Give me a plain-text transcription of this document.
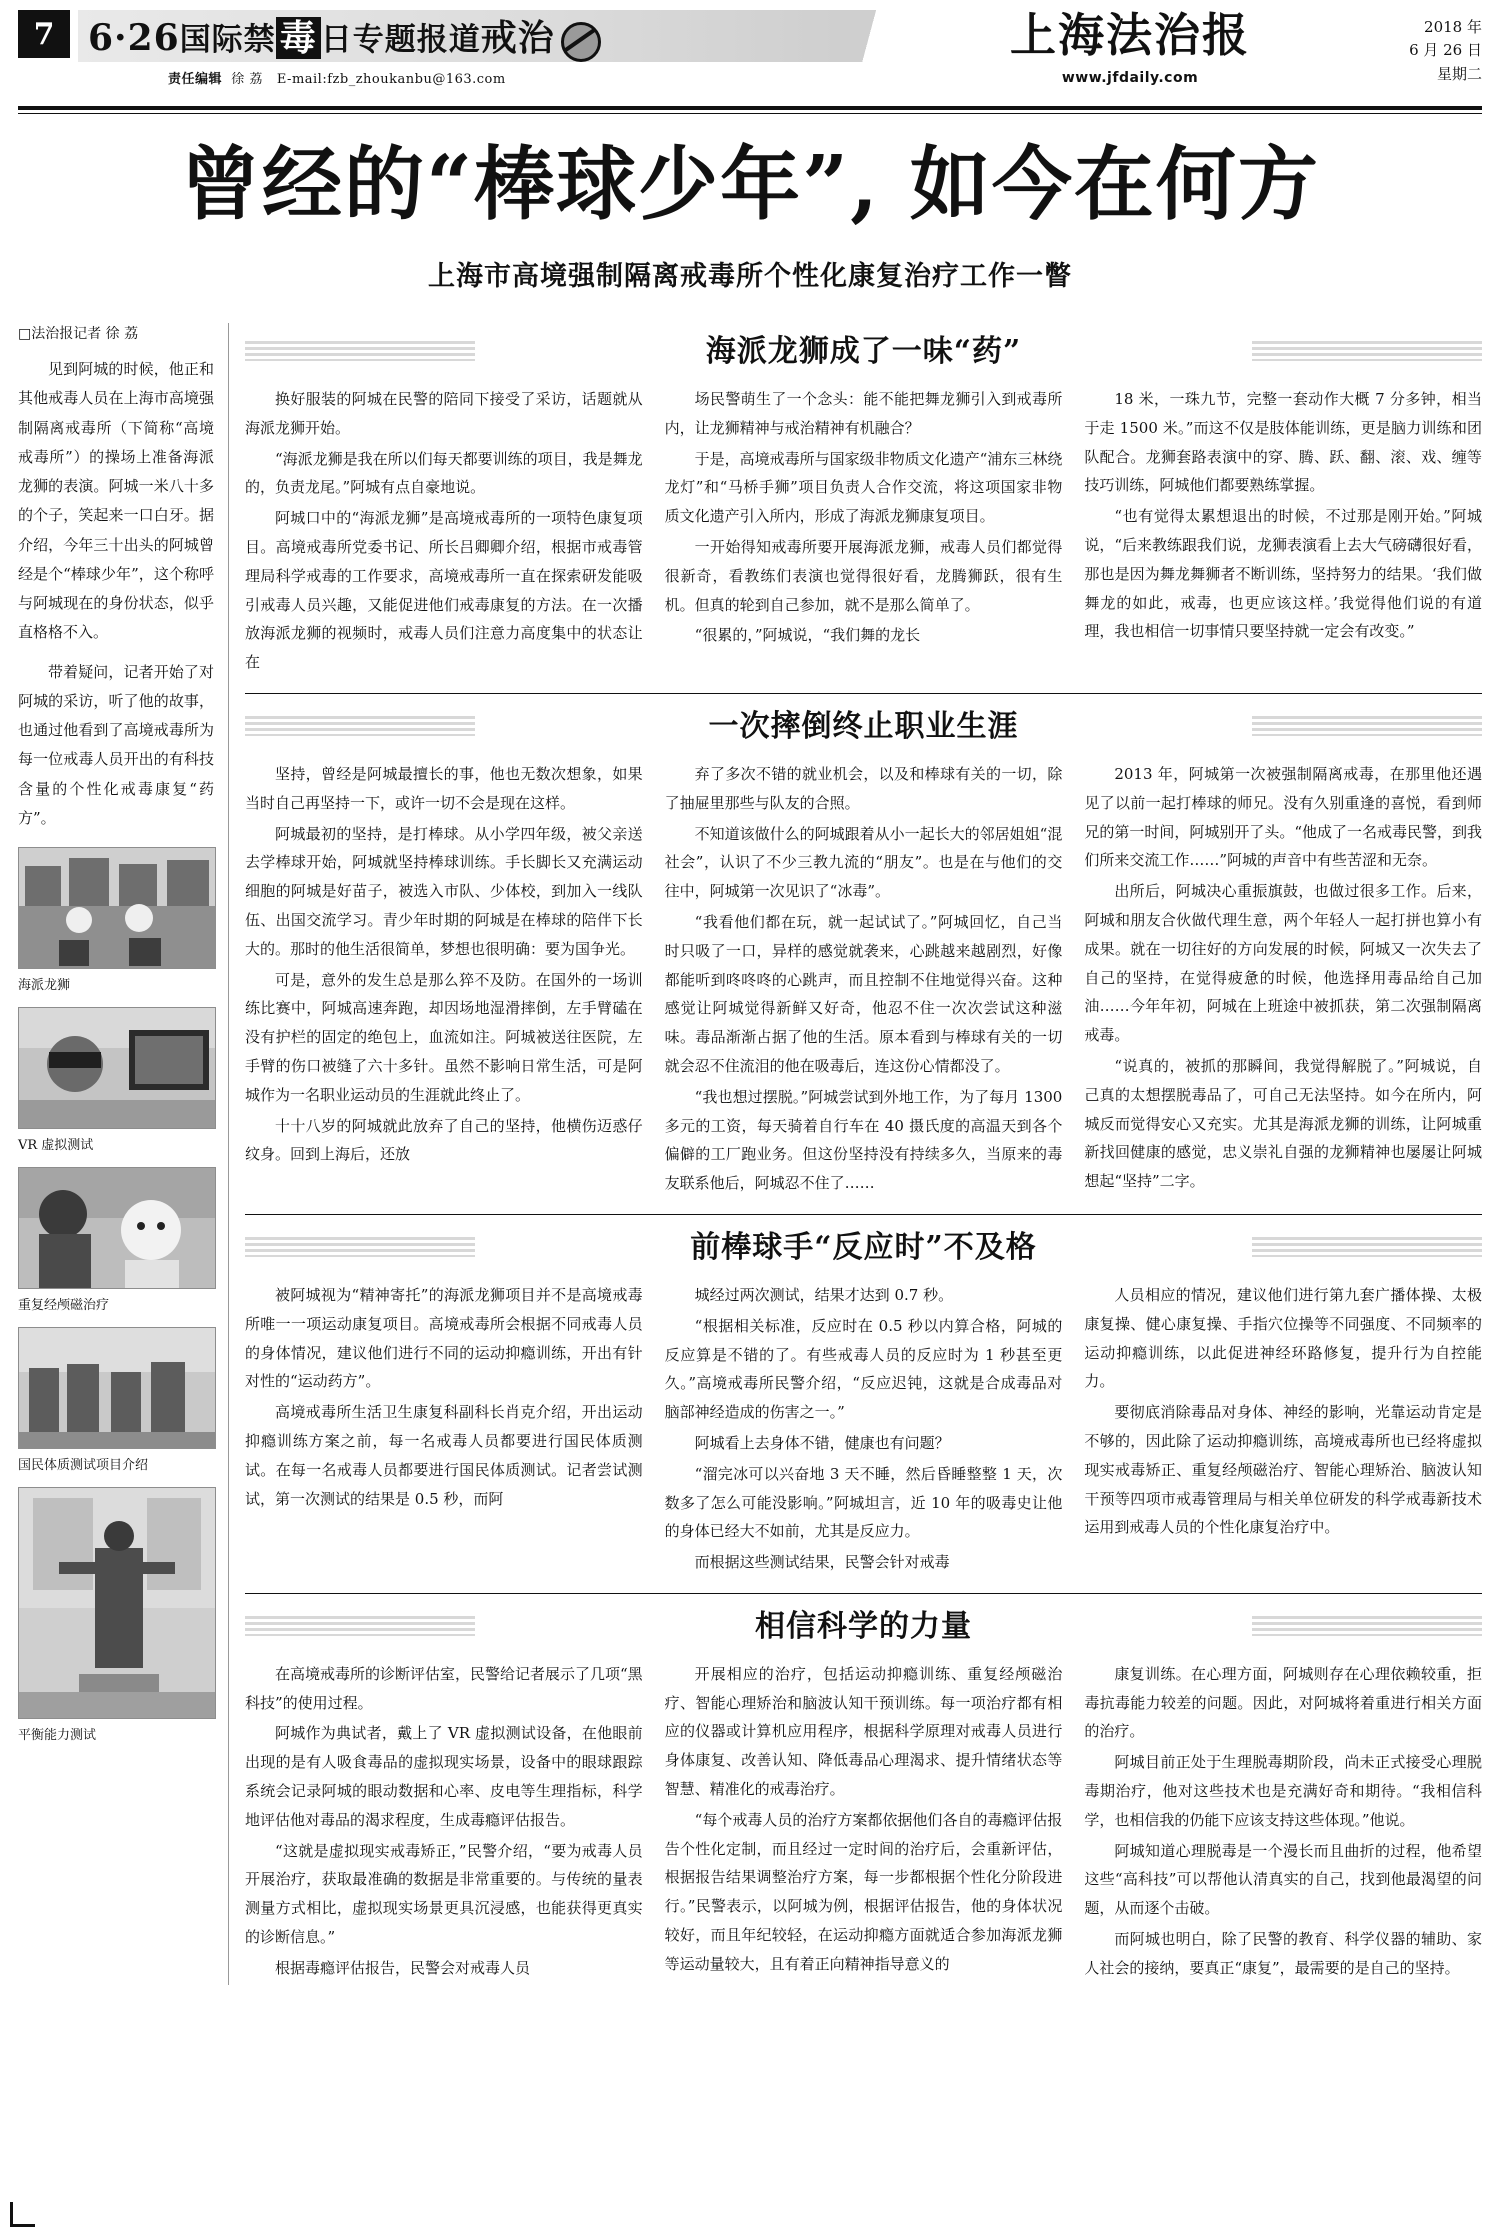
7 6·26国际禁 毒 日专题报道戒治
责任编辑 徐 荔 E-mail:fzb_zhoukanbu@163.com
上海法治报
www.jfdaily.com
2018 年
6 月 26 日
星期二
曾经的“棒球少年”, 如今在何方
上海市高境强制隔离戒毒所个性化康复治疗工作一瞥
□法治报记者 徐 荔

见到阿城的时候，他正和其他戒毒人员在上海市高境强制隔离戒毒所（下简称“高境戒毒所”）的操场上准备海派龙狮的表演。阿城一米八十多的个子，笑起来一口白牙。据介绍，今年三十出头的阿城曾经是个“棒球少年”，这个称呼与阿城现在的身份状态，似乎直格格不入。

带着疑问，记者开始了对阿城的采访，听了他的故事，也通过他看到了高境戒毒所为每一位戒毒人员开出的有科技含量的个性化戒毒康复“药方”。

海派龙狮
VR 虚拟测试
重复经颅磁治疗
国民体质测试项目介绍
平衡能力测试
海派龙狮成了一味“药”

换好服装的阿城在民警的陪同下接受了采访，话题就从海派龙狮开始。

“海派龙狮是我在所以们每天都要训练的项目，我是舞龙的，负责龙尾。”阿城有点自豪地说。

阿城口中的“海派龙狮”是高境戒毒所的一项特色康复项目。高境戒毒所党委书记、所长吕卿卿介绍，根据市戒毒管理局科学戒毒的工作要求，高境戒毒所一直在探索研发能吸引戒毒人员兴趣，又能促进他们戒毒康复的方法。在一次播放海派龙狮的视频时，戒毒人员们注意力高度集中的状态让在

场民警萌生了一个念头：能不能把舞龙狮引入到戒毒所内，让龙狮精神与戒治精神有机融合？

于是，高境戒毒所与国家级非物质文化遗产“浦东三林绕龙灯”和“马桥手狮”项目负责人合作交流，将这项国家非物质文化遗产引入所内，形成了海派龙狮康复项目。

一开始得知戒毒所要开展海派龙狮，戒毒人员们都觉得很新奇，看教练们表演也觉得很好看，龙腾狮跃，很有生机。但真的轮到自己参加，就不是那么简单了。

“很累的，”阿城说，“我们舞的龙长

18 米，一珠九节，完整一套动作大概 7 分多钟，相当于走 1500 米。”而这不仅是肢体能训练，更是脑力训练和团队配合。龙狮套路表演中的穿、腾、跃、翻、滚、戏、缠等技巧训练，阿城他们都要熟练掌握。

“也有觉得太累想退出的时候，不过那是刚开始。”阿城说，“后来教练跟我们说，龙狮表演看上去大气磅礴很好看，那也是因为舞龙舞狮者不断训练，坚持努力的结果。‘我们做舞龙的如此，戒毒，也更应该这样。’我觉得他们说的有道理，我也相信一切事情只要坚持就一定会有改变。”

一次摔倒终止职业生涯

坚持，曾经是阿城最擅长的事，他也无数次想象，如果当时自己再坚持一下，或许一切不会是现在这样。

阿城最初的坚持，是打棒球。从小学四年级，被父亲送去学棒球开始，阿城就坚持棒球训练。手长脚长又充满运动细胞的阿城是好苗子，被选入市队、少体校，到加入一线队伍、出国交流学习。青少年时期的阿城是在棒球的陪伴下长大的。那时的他生活很简单，梦想也很明确：要为国争光。

可是，意外的发生总是那么猝不及防。在国外的一场训练比赛中，阿城高速奔跑，却因场地湿滑摔倒，左手臂磕在没有护栏的固定的绝包上，血流如注。阿城被送往医院，左手臂的伤口被缝了六十多针。虽然不影响日常生活，可是阿城作为一名职业运动员的生涯就此终止了。

十十八岁的阿城就此放弃了自己的坚持，他横伤迈惑仔纹身。回到上海后，还放

弃了多次不错的就业机会，以及和棒球有关的一切，除了抽屉里那些与队友的合照。

不知道该做什么的阿城跟着从小一起长大的邻居姐姐“混社会”，认识了不少三教九流的“朋友”。也是在与他们的交往中，阿城第一次见识了“冰毒”。

“我看他们都在玩，就一起试试了。”阿城回忆，自己当时只吸了一口，异样的感觉就袭来，心跳越来越剧烈，好像都能听到咚咚咚的心跳声，而且控制不住地觉得兴奋。这种感觉让阿城觉得新鲜又好奇，他忍不住一次次尝试这种滋味。毒品渐渐占据了他的生活。原本看到与棒球有关的一切就会忍不住流泪的他在吸毒后，连这份心情都没了。

“我也想过摆脱。”阿城尝试到外地工作，为了每月 1300 多元的工资，每天骑着自行车在 40 摄氏度的高温天到各个偏僻的工厂跑业务。但这份坚持没有持续多久，当原来的毒友联系他后，阿城忍不住了……

2013 年，阿城第一次被强制隔离戒毒，在那里他还遇见了以前一起打棒球的师兄。没有久别重逢的喜悦，看到师兄的第一时间，阿城别开了头。“他成了一名戒毒民警，到我们所来交流工作……”阿城的声音中有些苦涩和无奈。

出所后，阿城决心重振旗鼓，也做过很多工作。后来，阿城和朋友合伙做代理生意，两个年轻人一起打拼也算小有成果。就在一切往好的方向发展的时候，阿城又一次失去了自己的坚持，在觉得疲惫的时候，他选择用毒品给自己加油……今年年初，阿城在上班途中被抓获，第二次强制隔离戒毒。

“说真的，被抓的那瞬间，我觉得解脱了。”阿城说，自己真的太想摆脱毒品了，可自己无法坚持。如今在所内，阿城反而觉得安心又充实。尤其是海派龙狮的训练，让阿城重新找回健康的感觉，忠义崇礼自强的龙狮精神也屡屡让阿城想起“坚持”二字。

前棒球手“反应时”不及格

被阿城视为“精神寄托”的海派龙狮项目并不是高境戒毒所唯一一项运动康复项目。高境戒毒所会根据不同戒毒人员的身体情况，建议他们进行不同的运动抑瘾训练，开出有针对性的“运动药方”。

高境戒毒所生活卫生康复科副科长肖克介绍，开出运动抑瘾训练方案之前，每一名戒毒人员都要进行国民体质测试。在每一名戒毒人员都要进行国民体质测试。记者尝试测试，第一次测试的结果是 0.5 秒，而阿

城经过两次测试，结果才达到 0.7 秒。

“根据相关标准，反应时在 0.5 秒以内算合格，阿城的反应算是不错的了。有些戒毒人员的反应时为 1 秒甚至更久。”高境戒毒所民警介绍，“反应迟钝，这就是合成毒品对脑部神经造成的伤害之一。”

阿城看上去身体不错，健康也有问题？

“溜完冰可以兴奋地 3 天不睡，然后昏睡整整 1 天，次数多了怎么可能没影响。”阿城坦言，近 10 年的吸毒史让他的身体已经大不如前，尤其是反应力。

而根据这些测试结果，民警会针对戒毒

人员相应的情况，建议他们进行第九套广播体操、太极康复操、健心康复操、手指穴位操等不同强度、不同频率的运动抑瘾训练，以此促进神经环路修复，提升行为自控能力。

要彻底消除毒品对身体、神经的影响，光靠运动肯定是不够的，因此除了运动抑瘾训练，高境戒毒所也已经将虚拟现实戒毒矫正、重复经颅磁治疗、智能心理矫治、脑波认知干预等四项市戒毒管理局与相关单位研发的科学戒毒新技术运用到戒毒人员的个性化康复治疗中。

相信科学的力量

在高境戒毒所的诊断评估室，民警给记者展示了几项“黑科技”的使用过程。

阿城作为典试者，戴上了 VR 虚拟测试设备，在他眼前出现的是有人吸食毒品的虚拟现实场景，设备中的眼球跟踪系统会记录阿城的眼动数据和心率、皮电等生理指标，科学地评估他对毒品的渴求程度，生成毒瘾评估报告。

“这就是虚拟现实戒毒矫正，”民警介绍，“要为戒毒人员开展治疗，获取最准确的数据是非常重要的。与传统的量表测量方式相比，虚拟现实场景更具沉浸感，也能获得更真实的诊断信息。”

根据毒瘾评估报告，民警会对戒毒人员

开展相应的治疗，包括运动抑瘾训练、重复经颅磁治疗、智能心理矫治和脑波认知干预训练。每一项治疗都有相应的仪器或计算机应用程序，根据科学原理对戒毒人员进行身体康复、改善认知、降低毒品心理渴求、提升情绪状态等智慧、精准化的戒毒治疗。

“每个戒毒人员的治疗方案都依据他们各自的毒瘾评估报告个性化定制，而且经过一定时间的治疗后，会重新评估，根据报告结果调整治疗方案，每一步都根据个性化分阶段进行。”民警表示，以阿城为例，根据评估报告，他的身体状况较好，而且年纪较轻，在运动抑瘾方面就适合参加海派龙狮等运动量较大，且有着正向精神指导意义的

康复训练。在心理方面，阿城则存在心理依赖较重，拒毒抗毒能力较差的问题。因此，对阿城将着重进行相关方面的治疗。

阿城目前正处于生理脱毒期阶段，尚未正式接受心理脱毒期治疗，他对这些技术也是充满好奇和期待。“我相信科学，也相信我的仍能下应该支持这些体现。”他说。

阿城知道心理脱毒是一个漫长而且曲折的过程，他希望这些“高科技”可以帮他认清真实的自己，找到他最渴望的问题，从而逐个击破。

而阿城也明白，除了民警的教育、科学仪器的辅助、家人社会的接纳，要真正“康复”，最需要的是自己的坚持。
